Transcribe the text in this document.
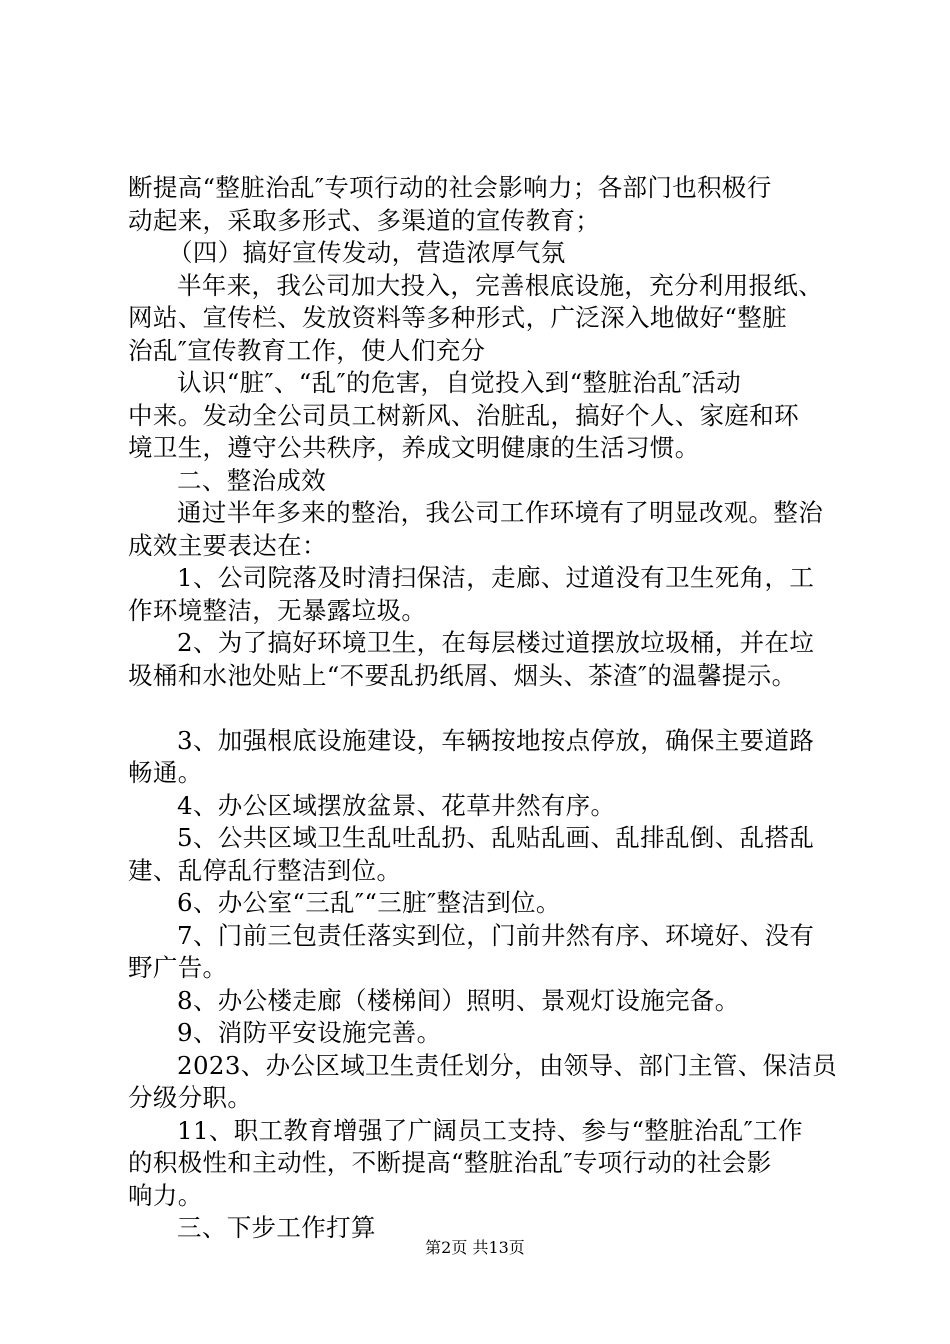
断提高“整脏治乱″专项行动的社会影响力；各部门也积极行
动起来，采取多形式、多渠道的宣传教育；
（四）搞好宣传发动，营造浓厚气氛
半年来，我公司加大投入，完善根底设施，充分利用报纸、
网站、宣传栏、发放资料等多种形式，广泛深入地做好“整脏
治乱″宣传教育工作，使人们充分
认识“脏″、“乱″的危害，自觉投入到“整脏治乱″活动
中来。发动全公司员工树新风、治脏乱，搞好个人、家庭和环
境卫生，遵守公共秩序，养成文明健康的生活习惯。
二、整治成效
通过半年多来的整治，我公司工作环境有了明显改观。整治
成效主要表达在：
1、公司院落及时清扫保洁，走廊、过道没有卫生死角，工
作环境整洁，无暴露垃圾。
2、为了搞好环境卫生，在每层楼过道摆放垃圾桶，并在垃
圾桶和水池处贴上“不要乱扔纸屑、烟头、茶渣″的温馨提示。
3、加强根底设施建设，车辆按地按点停放，确保主要道路
畅通。
4、办公区域摆放盆景、花草井然有序。
5、公共区域卫生乱吐乱扔、乱贴乱画、乱排乱倒、乱搭乱
建、乱停乱行整洁到位。
6、办公室“三乱″“三脏″整洁到位。
7、门前三包责任落实到位，门前井然有序、环境好、没有
野广告。
8、办公楼走廊（楼梯间）照明、景观灯设施完备。
9、消防平安设施完善。
2023、办公区域卫生责任划分，由领导、部门主管、保洁员
分级分职。
11、职工教育增强了广阔员工支持、参与“整脏治乱″工作
的积极性和主动性，不断提高“整脏治乱″专项行动的社会影
响力。
三、下步工作打算
第2页 共13页
